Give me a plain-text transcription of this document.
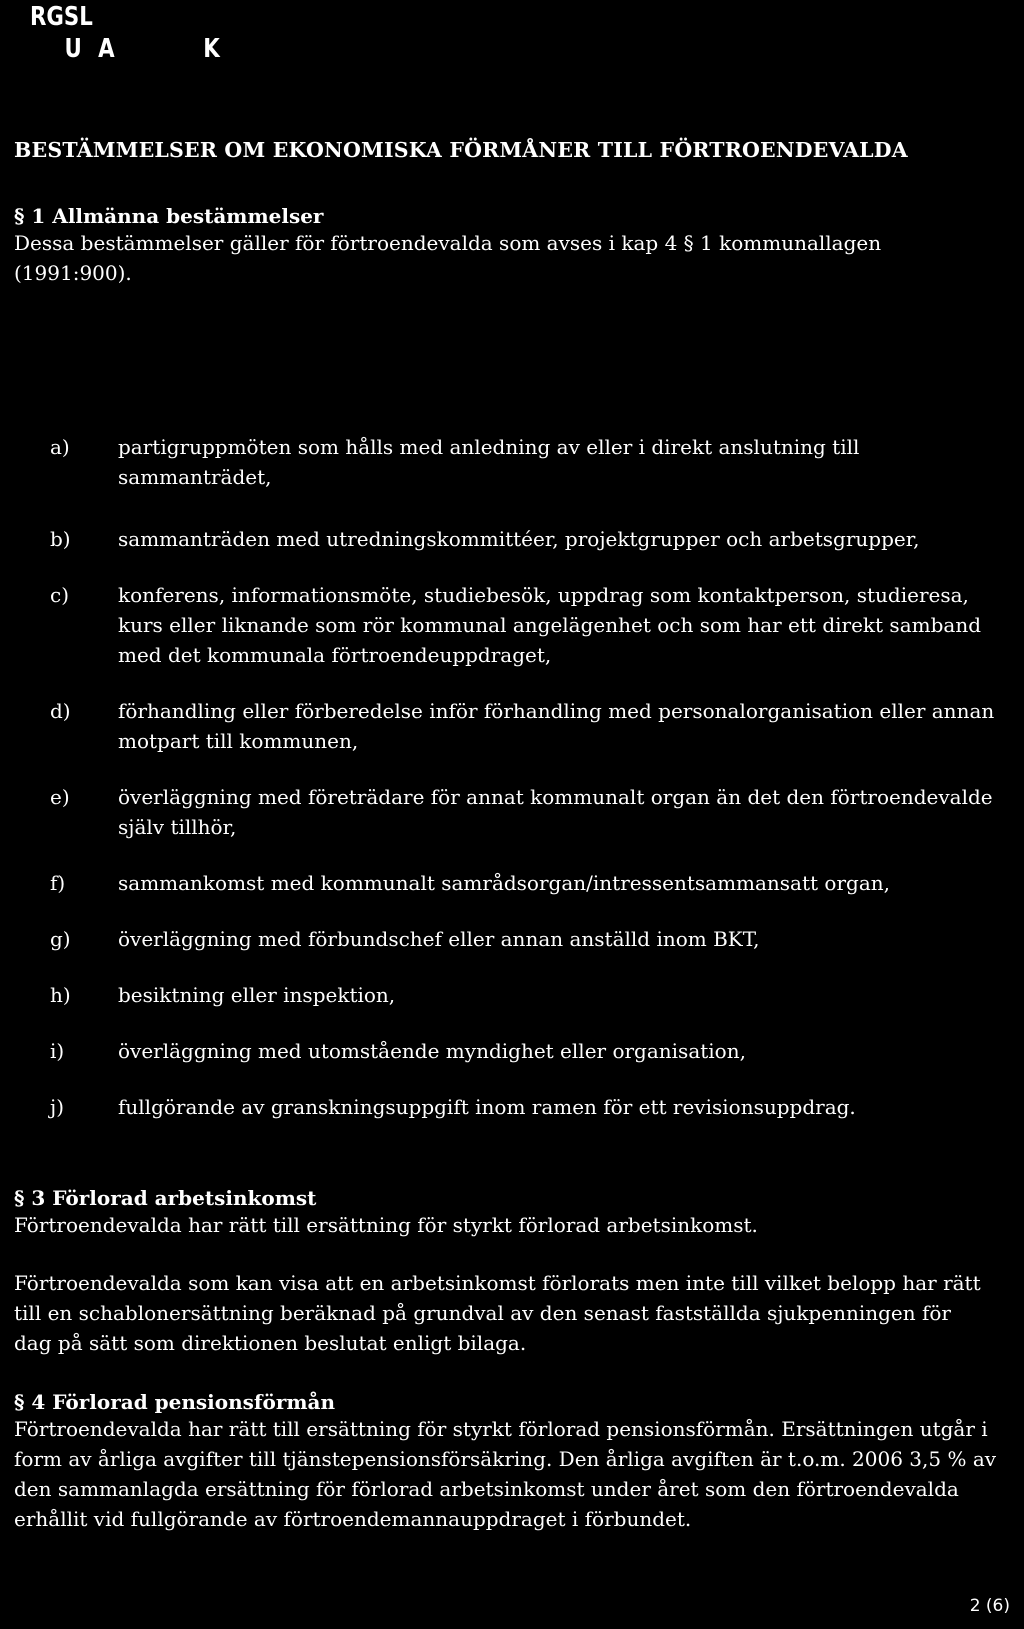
RGSL
U A	K
BESTÄMMELSER OM EKONOMISKA FÖRMÅNER TILL FÖRTROENDEVALDA

§ 1 Allmänna bestämmelser

Dessa bestämmelser gäller för förtroendevalda som avses i kap 4 § 1 kommunallagen (1991:900).

a)	partigruppmöten som hålls med anledning av eller i direkt anslutning till sammanträdet,
b)	sammanträden med utredningskommittéer, projektgrupper och arbetsgrupper,
c)	konferens, informationsmöte, studiebesök, uppdrag som kontaktperson, studieresa, kurs eller liknande som rör kommunal angelägenhet och som har ett direkt samband med det kommunala förtroendeuppdraget,
d)	förhandling eller förberedelse inför förhandling med personalorganisation eller annan motpart till kommunen,
e)	överläggning med företrädare för annat kommunalt organ än det den förtroendevalde själv tillhör,
f)	sammankomst med kommunalt samrådsorgan/intressentsammansatt organ,
g)	överläggning med förbundschef eller annan anställd inom BKT,
h)	besiktning eller inspektion,
i)	överläggning med utomstående myndighet eller organisation,
j)	fullgörande av granskningsuppgift inom ramen för ett revisionsuppdrag.

§ 3 Förlorad arbetsinkomst

Förtroendevalda har rätt till ersättning för styrkt förlorad arbetsinkomst.

Förtroendevalda som kan visa att en arbetsinkomst förlorats men inte till vilket belopp har rätt till en schablonersättning beräknad på grundval av den senast fastställda sjukpenningen för dag på sätt som direktionen beslutat enligt bilaga.

§ 4 Förlorad pensionsförmån

Förtroendevalda har rätt till ersättning för styrkt förlorad pensionsförmån. Ersättningen utgår i form av årliga avgifter till tjänstepensionsförsäkring. Den årliga avgiften är t.o.m. 2006 3,5 % av den sammanlagda ersättning för förlorad arbetsinkomst under året som den förtroendevalda erhållit vid fullgörande av förtroendemannauppdraget i förbundet.

2 (6)
